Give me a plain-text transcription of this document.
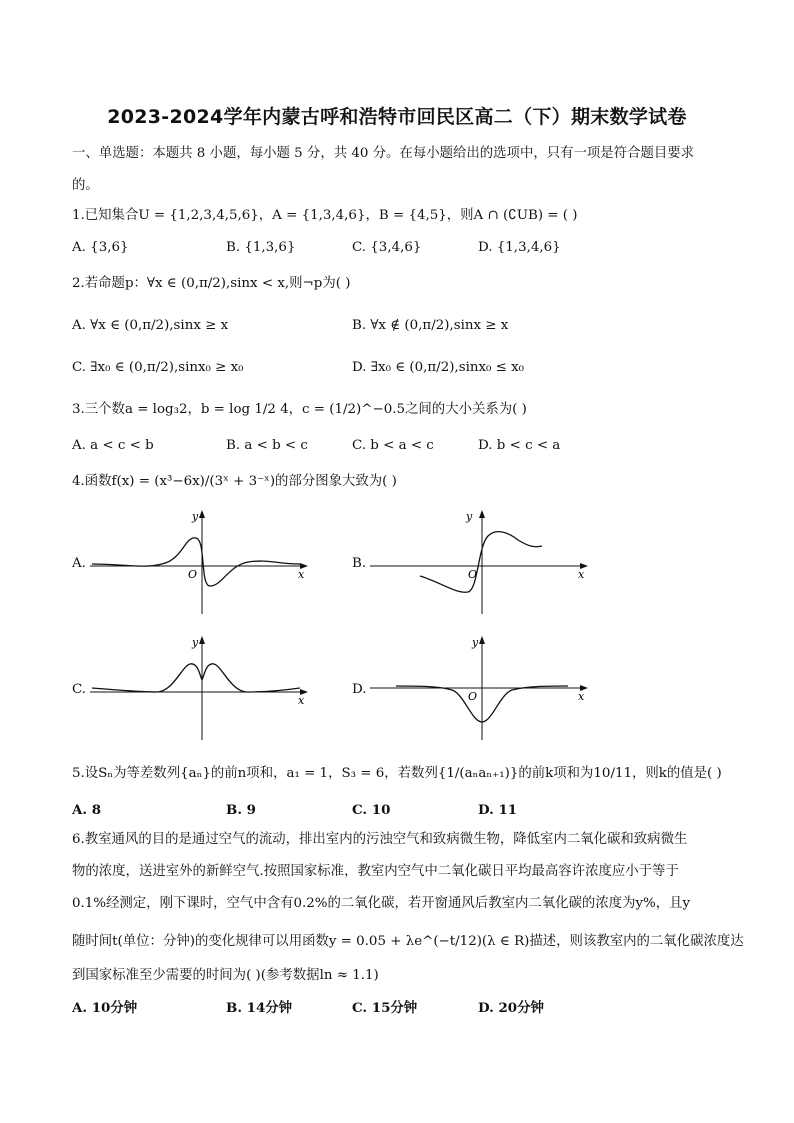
2023-2024学年内蒙古呼和浩特市回民区高二（下）期末数学试卷
一、单选题：本题共 8 小题，每小题 5 分，共 40 分。在每小题给出的选项中，只有一项是符合题目要求
的。
1.已知集合U = {1,2,3,4,5,6}，A = {1,3,4,6}，B = {4,5}，则A ∩ (∁UB) = ( )
A. {3,6}	B. {1,3,6}	C. {3,4,6}	D. {1,3,4,6}
2.若命题p：∀x ∈ (0,π/2),sinx < x,则¬p为( )
A. ∀x ∈ (0,π/2),sinx ≥ x	B. ∀x ∉ (0,π/2),sinx ≥ x
C. ∃x₀ ∈ (0,π/2),sinx₀ ≥ x₀	D. ∃x₀ ∈ (0,π/2),sinx₀ ≤ x₀
3.三个数a = log₃2，b = log 1/2 4，c = (1/2)^−0.5之间的大小关系为( )
A. a < c < b	B. a < b < c	C. b < a < c	D. b < c < a
4.函数f(x) = (x³−6x)/(3ˣ + 3⁻ˣ)的部分图象大致为( )
A.
y
x
O
B.
y
x
O
C.
y
x
D.
y
x
O
5.设Sₙ为等差数列{aₙ}的前n项和，a₁ = 1，S₃ = 6，若数列{1/(aₙaₙ₊₁)}的前k项和为10/11，则k的值是( )
A. 8	B. 9	C. 10	D. 11
6.教室通风的目的是通过空气的流动，排出室内的污浊空气和致病微生物，降低室内二氧化碳和致病微生
物的浓度，送进室外的新鲜空气.按照国家标准，教室内空气中二氧化碳日平均最高容许浓度应小于等于
0.1%经测定，刚下课时，空气中含有0.2%的二氧化碳，若开窗通风后教室内二氧化碳的浓度为y%，且y
随时间t(单位：分钟)的变化规律可以用函数y = 0.05 + λe^(−t/12)(λ ∈ R)描述，则该教室内的二氧化碳浓度达
到国家标准至少需要的时间为( )(参考数据ln ≈ 1.1)
A. 10分钟	B. 14分钟	C. 15分钟	D. 20分钟
